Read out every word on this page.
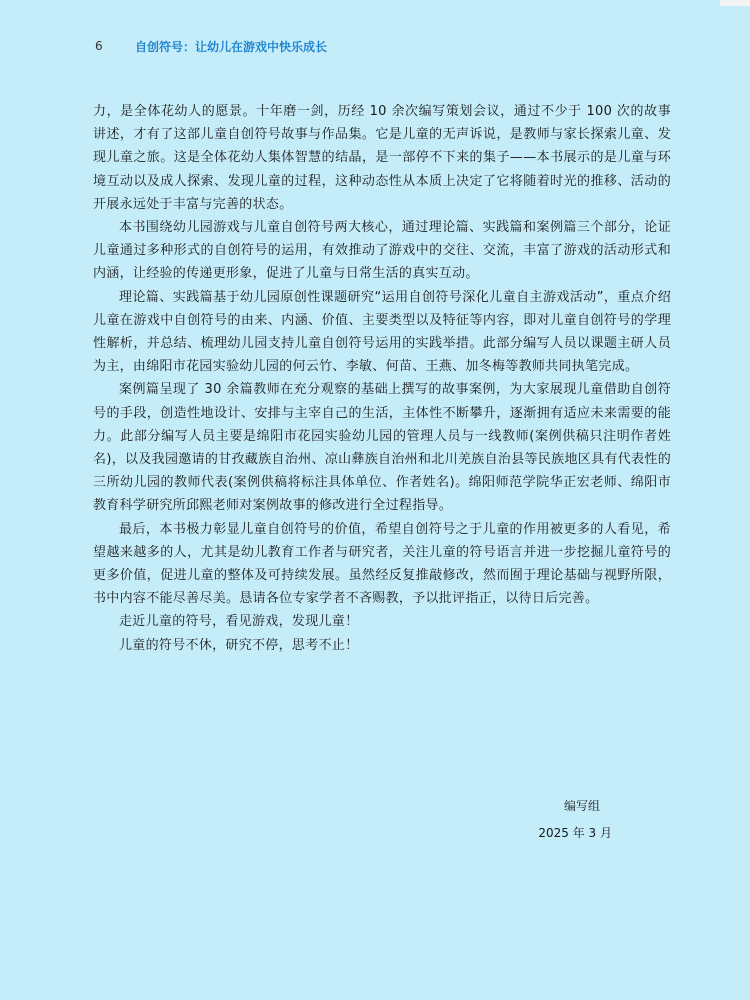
6	自创符号：让幼儿在游戏中快乐成长

力，是全体花幼人的愿景。十年磨一剑，历经 10 余次编写策划会议，通过不少于 100 次的故事讲述，才有了这部儿童自创符号故事与作品集。它是儿童的无声诉说，是教师与家长探索儿童、发现儿童之旅。这是全体花幼人集体智慧的结晶，是一部停不下来的集子——本书展示的是儿童与环境互动以及成人探索、发现儿童的过程，这种动态性从本质上决定了它将随着时光的推移、活动的开展永远处于丰富与完善的状态。

本书围绕幼儿园游戏与儿童自创符号两大核心，通过理论篇、实践篇和案例篇三个部分，论证儿童通过多种形式的自创符号的运用，有效推动了游戏中的交往、交流，丰富了游戏的活动形式和内涵，让经验的传递更形象，促进了儿童与日常生活的真实互动。

理论篇、实践篇基于幼儿园原创性课题研究“运用自创符号深化儿童自主游戏活动”，重点介绍儿童在游戏中自创符号的由来、内涵、价值、主要类型以及特征等内容，即对儿童自创符号的学理性解析，并总结、梳理幼儿园支持儿童自创符号运用的实践举措。此部分编写人员以课题主研人员为主，由绵阳市花园实验幼儿园的何云竹、李敏、何苗、王燕、加冬梅等教师共同执笔完成。

案例篇呈现了 30 余篇教师在充分观察的基础上撰写的故事案例，为大家展现儿童借助自创符号的手段，创造性地设计、安排与主宰自己的生活，主体性不断攀升，逐渐拥有适应未来需要的能力。此部分编写人员主要是绵阳市花园实验幼儿园的管理人员与一线教师(案例供稿只注明作者姓名)，以及我园邀请的甘孜藏族自治州、凉山彝族自治州和北川羌族自治县等民族地区具有代表性的三所幼儿园的教师代表(案例供稿将标注具体单位、作者姓名)。绵阳师范学院华正宏老师、绵阳市教育科学研究所邱熙老师对案例故事的修改进行全过程指导。

最后，本书极力彰显儿童自创符号的价值，希望自创符号之于儿童的作用被更多的人看见，希望越来越多的人，尤其是幼儿教育工作者与研究者，关注儿童的符号语言并进一步挖掘儿童符号的更多价值，促进儿童的整体及可持续发展。虽然经反复推敲修改，然而囿于理论基础与视野所限，书中内容不能尽善尽美。恳请各位专家学者不吝赐教，予以批评指正，以待日后完善。

走近儿童的符号，看见游戏，发现儿童！

儿童的符号不休，研究不停，思考不止！

编写组
2025 年 3 月
